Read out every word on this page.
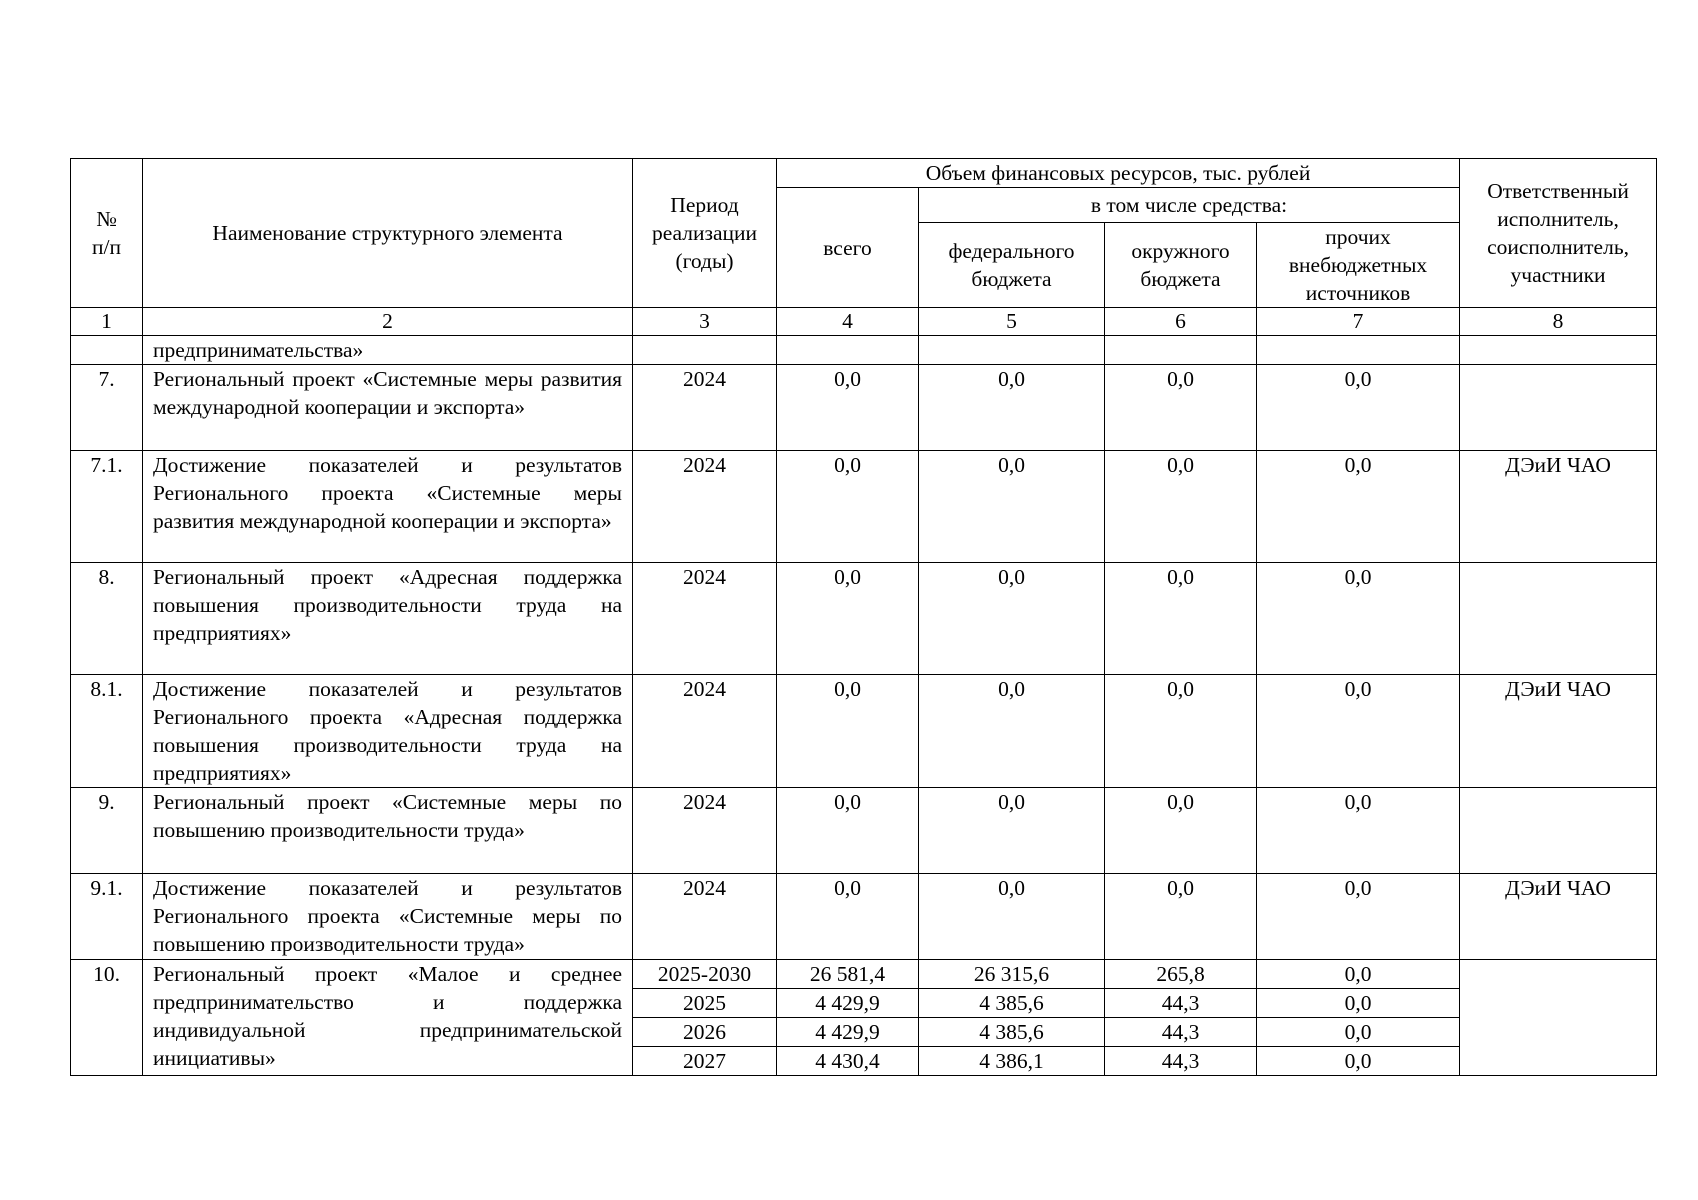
№
п/п	Наименование структурного элемента	Период реализации (годы)	Объем финансовых ресурсов, тыс. рублей				Ответственный исполнитель, соисполнитель, участники
			всего	в том числе средства:			
				федерального бюджета	окружного бюджета	прочих внебюджетных источников	
1	2	3	4	5	6	7	8
	предпринимательства»						
7.	Региональный проект «Системные меры развития международной кооперации и экспорта»	2024	0,0	0,0	0,0	0,0	
7.1.	Достижение показателей и результатов Регионального проекта «Системные меры развития международной кооперации и экспорта»	2024	0,0	0,0	0,0	0,0	ДЭиИ ЧАО
8.	Региональный проект «Адресная поддержка повышения производительности труда на предприятиях»	2024	0,0	0,0	0,0	0,0	
8.1.	Достижение показателей и результатов Регионального проекта «Адресная поддержка повышения производительности труда на предприятиях»	2024	0,0	0,0	0,0	0,0	ДЭиИ ЧАО
9.	Региональный проект «Системные меры по повышению производительности труда»	2024	0,0	0,0	0,0	0,0	
9.1.	Достижение показателей и результатов Регионального проекта «Системные меры по повышению производительности труда»	2024	0,0	0,0	0,0	0,0	ДЭиИ ЧАО
10.	Региональный проект «Малое и среднее предпринимательство и поддержка индивидуальной предпринимательской инициативы»	2025-2030	26 581,4	26 315,6	265,8	0,0	
		2025	4 429,9	4 385,6	44,3	0,0	
		2026	4 429,9	4 385,6	44,3	0,0	
		2027	4 430,4	4 386,1	44,3	0,0	
